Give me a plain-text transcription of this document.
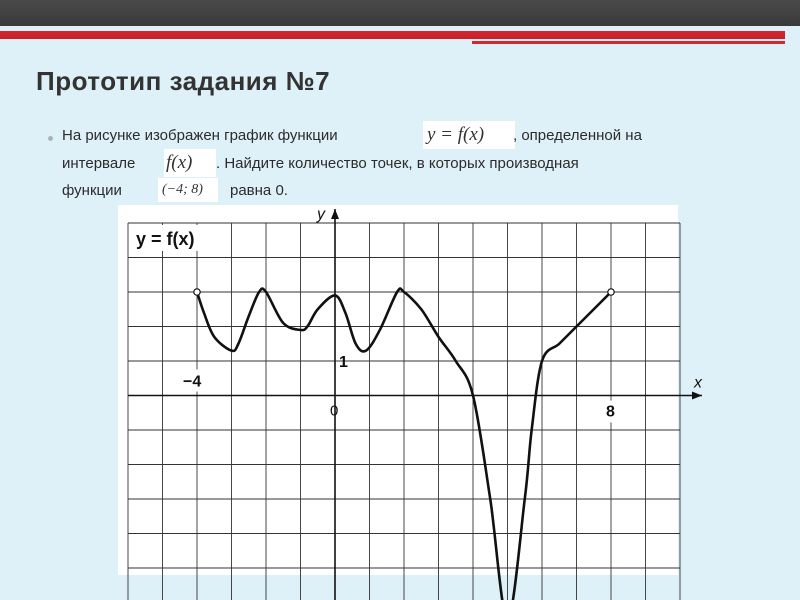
Прототип задания №7
На рисунке изображен график функции	y = f(x)	, определенной на
интервале f(x)	. Найдите количество точек, в которых производная
функции	(−4; 8)	равна 0.
y = f(x)
x
y
−4
0	8
1
